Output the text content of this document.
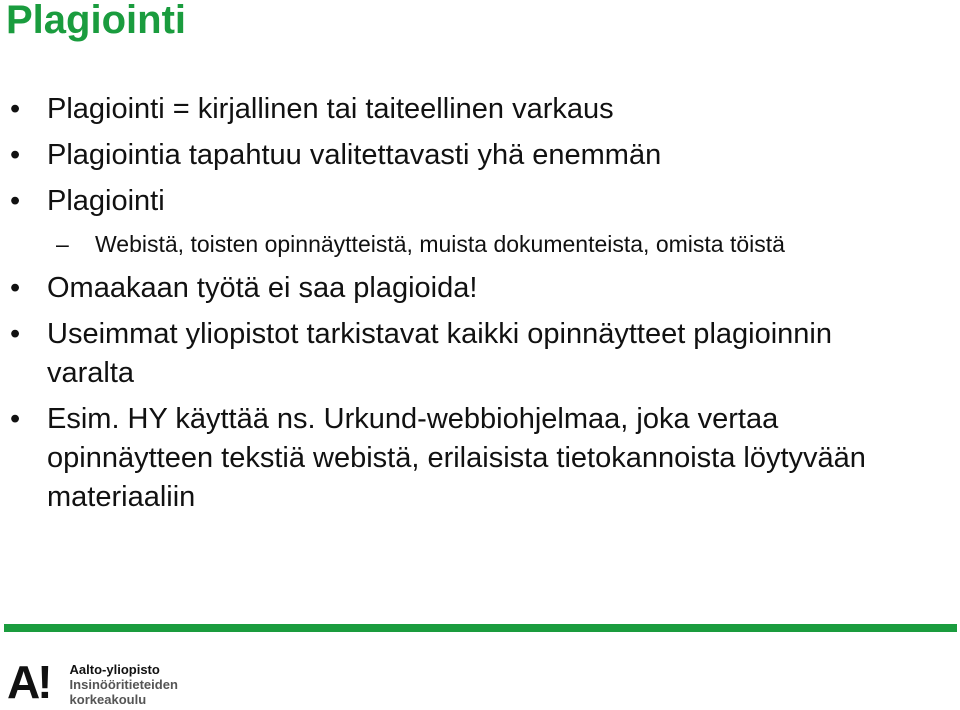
Plagiointi
• Plagiointi = kirjallinen tai taiteellinen varkaus
• Plagiointia tapahtuu valitettavasti yhä enemmän
• Plagiointi
– Webistä, toisten opinnäytteistä, muista dokumenteista, omista töistä
• Omaakaan työtä ei saa plagioida!
• Useimmat yliopistot tarkistavat kaikki opinnäytteet plagioinnin varalta
• Esim. HY käyttää ns. Urkund-webbiohjelmaa, joka vertaa opinnäytteen tekstiä webistä, erilaisista tietokannoista löytyvään materiaaliin
A! Aalto-yliopisto
Insinööritieteiden
korkeakoulu
